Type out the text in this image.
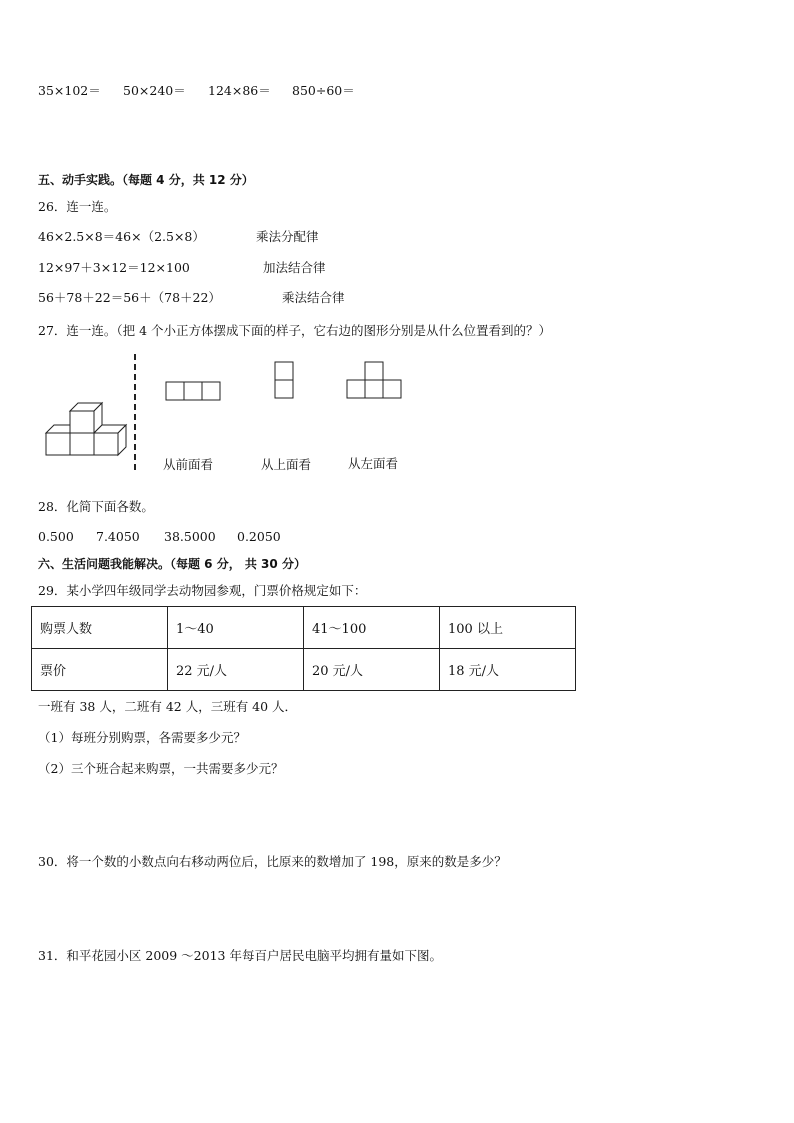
35×102＝ 50×240＝ 124×86＝ 850÷60＝
五、动手实践。（每题 4 分，共 12 分）
26．连一连。
46×2.5×8＝46×（2.5×8）
12×97＋3×12＝12×100
56＋78＋22＝56＋（78＋22）
乘法分配律
加法结合律
乘法结合律
27．连一连。（把 4 个小正方体摆成下面的样子，它右边的图形分别是从什么位置看到的？）
从前面看	从上面看	从左面看
28．化简下面各数。
0.500 7.4050 38.5000 0.2050
六、生活问题我能解决。（每题 6 分， 共 30 分）
29．某小学四年级同学去动物园参观，门票价格规定如下：
购票人数	1～40	41～100	100 以上
票价	22 元/人	20 元/人	18 元/人
一班有 38 人，二班有 42 人，三班有 40 人．
（1）每班分别购票，各需要多少元？
（2）三个班合起来购票，一共需要多少元？
30．将一个数的小数点向右移动两位后，比原来的数增加了 198，原来的数是多少？
31．和平花园小区 2009 ～2013 年每百户居民电脑平均拥有量如下图。
